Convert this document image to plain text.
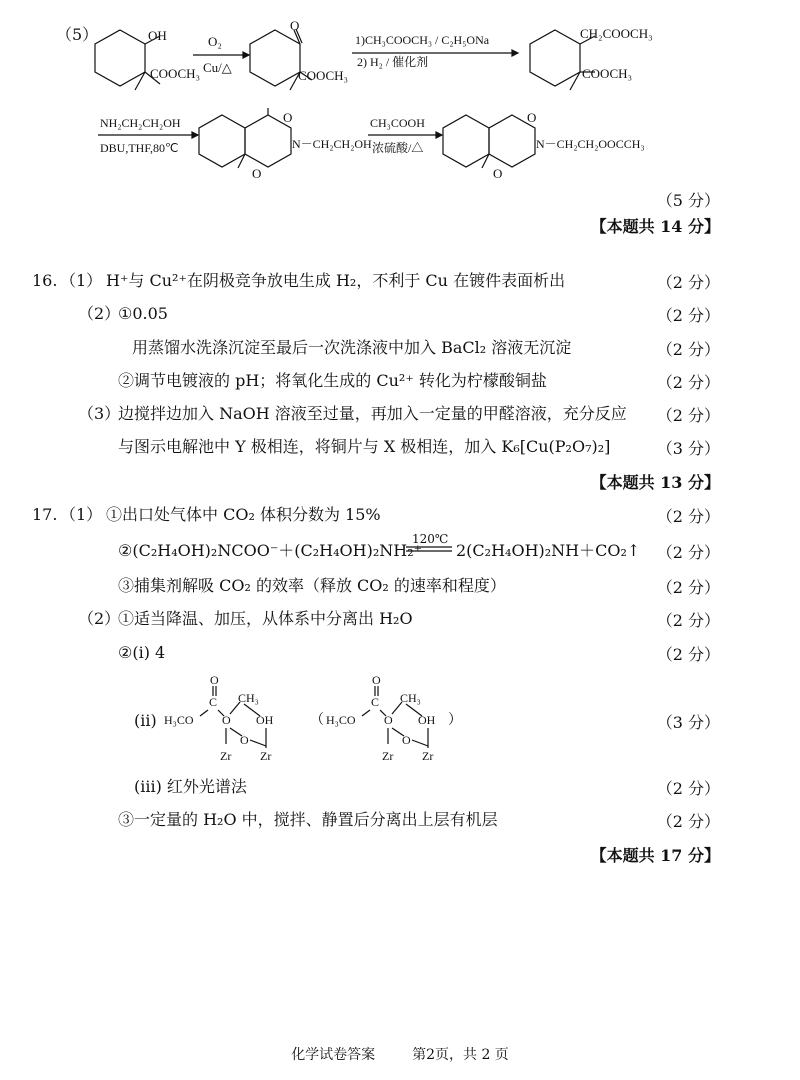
（5）	OH
COOCH₃
O₂
Cu/△
O
COOCH₃
1)CH₃COOCH₃ / C₂H₅ONa
2) H₂ / 催化剂
CH₂COOCH₃
COOCH₃
NH₂CH₂CH₂OH
DBU,THF,80℃
O
N－CH₂CH₂OH
O
CH₃COOH
浓硫酸/△
O
N－CH₂CH₂OOCCH₃
O
（5 分）
【本题共 14 分】
16. （1） H⁺与 Cu²⁺在阴极竞争放电生成 H₂，不利于 Cu 在镀件表面析出	（2 分）
（2）
①0.05	（2 分）
用蒸馏水洗涤沉淀至最后一次洗涤液中加入 BaCl₂ 溶液无沉淀	（2 分）
②调节电镀液的 pH；将氧化生成的 Cu²⁺ 转化为柠檬酸铜盐	（2 分）
（3）
边搅拌边加入 NaOH 溶液至过量，再加入一定量的甲醛溶液，充分反应 （2 分）
与图示电解池中 Y 极相连，将铜片与 X 极相连，加入 K₆[Cu(P₂O₇)₂]	（3 分）
【本题共 13 分】
17. （1） ①出口处气体中 CO₂ 体积分数为 15%	（2 分）
②(C₂H₄OH)₂NCOO⁻＋(C₂H₄OH)₂NH₂⁺
120℃
2(C₂H₄OH)₂NH＋CO₂↑ （2 分）
③捕集剂解吸 CO₂ 的效率（释放 CO₂ 的速率和程度）	（2 分）
（2）
①适当降温、加压，从体系中分离出 H₂O	（2 分）
②(i) 4	（2 分）
(ii)
O
C
H₃CO O
CH₃
OH
O
Zr Zr
（
O
C
H₃CO O
CH₃
OH
O
Zr Zr
）	（3 分）
(iii) 红外光谱法	（2 分）
③一定量的 H₂O 中，搅拌、静置后分离出上层有机层	（2 分）
【本题共 17 分】
化学试卷答案	第2页，共 2 页
